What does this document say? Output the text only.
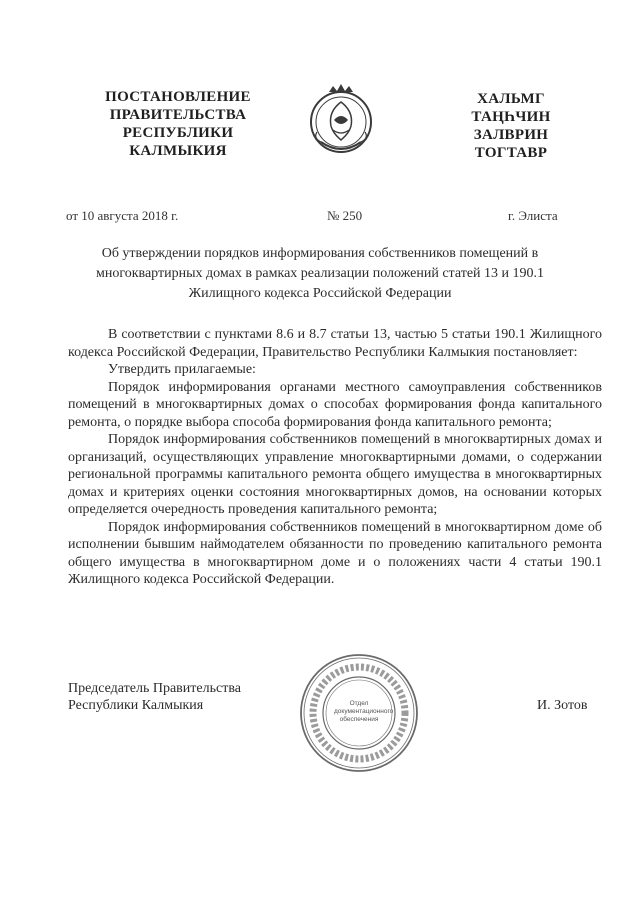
ПОСТАНОВЛЕНИЕ
ПРАВИТЕЛЬСТВА
РЕСПУБЛИКИ
КАЛМЫКИЯ
ХАЛЬМГ
ТАҢҺЧИН
ЗАЛВРИН
ТОГТАВР
от 10 августа 2018 г.	№ 250	г. Элиста
Об утверждении порядков информирования собственников помещений в
многоквартирных домах в рамках реализации положений статей 13 и 190.1
Жилищного кодекса Российской Федерации

В соответствии с пунктами 8.6 и 8.7 статьи 13, частью 5 статьи 190.1 Жилищного кодекса Российской Федерации, Правительство Республики Калмыкия постановляет:

Утвердить прилагаемые:

Порядок информирования органами местного самоуправления собственников помещений в многоквартирных домах о способах формирования фонда капитального ремонта, о порядке выбора способа формирования фонда капитального ремонта;

Порядок информирования собственников помещений в многоквартирных домах и организаций, осуществляющих управление многоквартирными домами, о содержании региональной программы капитального ремонта общего имущества в многоквартирных домах и критериях оценки состояния многоквартирных домов, на основании которых определяется очередность проведения капитального ремонта;

Порядок информирования собственников помещений в многоквартирном доме об исполнении бывшим наймодателем обязанности по проведению капитального ремонта общего имущества в многоквартирном доме и о положениях части 4 статьи 190.1 Жилищного кодекса Российской Федерации.

Председатель Правительства
Республики Калмыкия	Отдел
документационного
обеспечения
И. Зотов
